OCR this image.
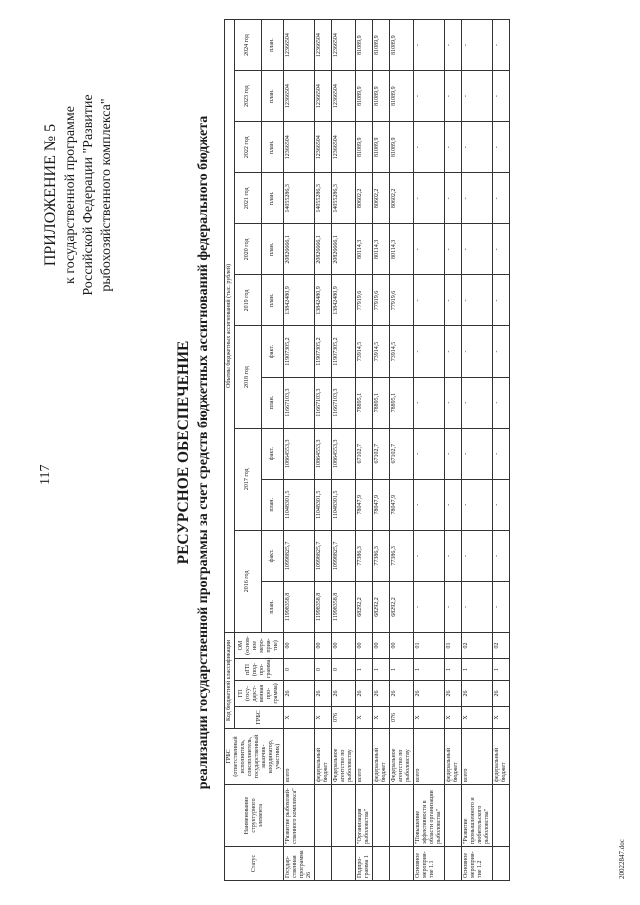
117
ПРИЛОЖЕНИЕ № 5 к государственной программе Российской Федерации "Развитие рыбохозяйственного комплекса"
РЕСУРСНОЕ ОБЕСПЕЧЕНИЕ реализации государственной программы за счет средств бюджетных ассигнований федерального бюджета
Статус	Наименование структурного элемента	ГРБС (ответственный исполнитель, соисполнитель, государственный заказчик-координатор, участник)	Код бюджетной классификации				Объемы бюджетных ассигнований (тыс. рублей)											
			ГРБС	ГП (госу-дарст-венная про-грамма)	пГП (под-про-грамма)	ОМ (основ-ное меро-прия-тие)	2016 год		2017 год		2018 год		2019 год	2020 год	2021 год	2022 год	2023 год	2024 год
							план.	факт.	план.	факт.	план.	факт.	план.	план.	план.	план.	план.	план.
Государ-ственная программа 26	"Развитие рыбохозяй-ственного комплекса"	всего	X	26	0	00	11998358,8	10998825,7	11048301,5	10864553,3	11667103,3	11907305,2	13842480,9	20826666,1	14055286,3	12366504	12366504	12366504
		федеральный бюджет	X	26	0	00	11998358,8	10998825,7	11048301,5	10864553,3	11667103,3	11907305,2	13842480,9	20826666,1	14055286,3	12366504	12366504	12366504
		Федеральное агентство по рыболовству	076	26	0	00	11998358,8	10998825,7	11048301,5	10864553,3	11667103,3	11907305,2	13842480,9	20826666,1	14055286,3	12366504	12366504	12366504
Подпро-грамма 1	"Организация рыболовства"	всего	X	26	1	00	68292,2	77386,3	78047,9	67102,7	78895,1	73914,5	77919,6	80114,3	80602,2	81089,9	81089,9	81089,9
		федеральный бюджет	X	26	1	00	68292,2	77386,3	78047,9	67102,7	78895,1	73914,5	77919,6	80114,3	80602,2	81089,9	81089,9	81089,9
		Федеральное агентство по рыболовству	076	26	1	00	68292,2	77386,3	78047,9	67102,7	78895,1	73914,5	77919,6	80114,3	80602,2	81089,9	81089,9	81089,9
Основное мероприя-тие 1.1	"Повышение эффективности в области организации рыболовства"	всего	X	26	1	01	-	-	-	-	-	-	-	-	-	-	-	-
		федеральный бюджет	X	26	1	01	-	-	-	-	-	-	-	-	-	-	-	-
Основное мероприя-тие 1.2	"Развитие промышленного и любительского рыболовства"	всего	X	26	1	02	-	-	-	-	-	-	-	-	-	-	-	-
		федеральный бюджет	X	26	1	02	-	-	-	-	-	-	-	-	-	-	-	-
20022847.doc
